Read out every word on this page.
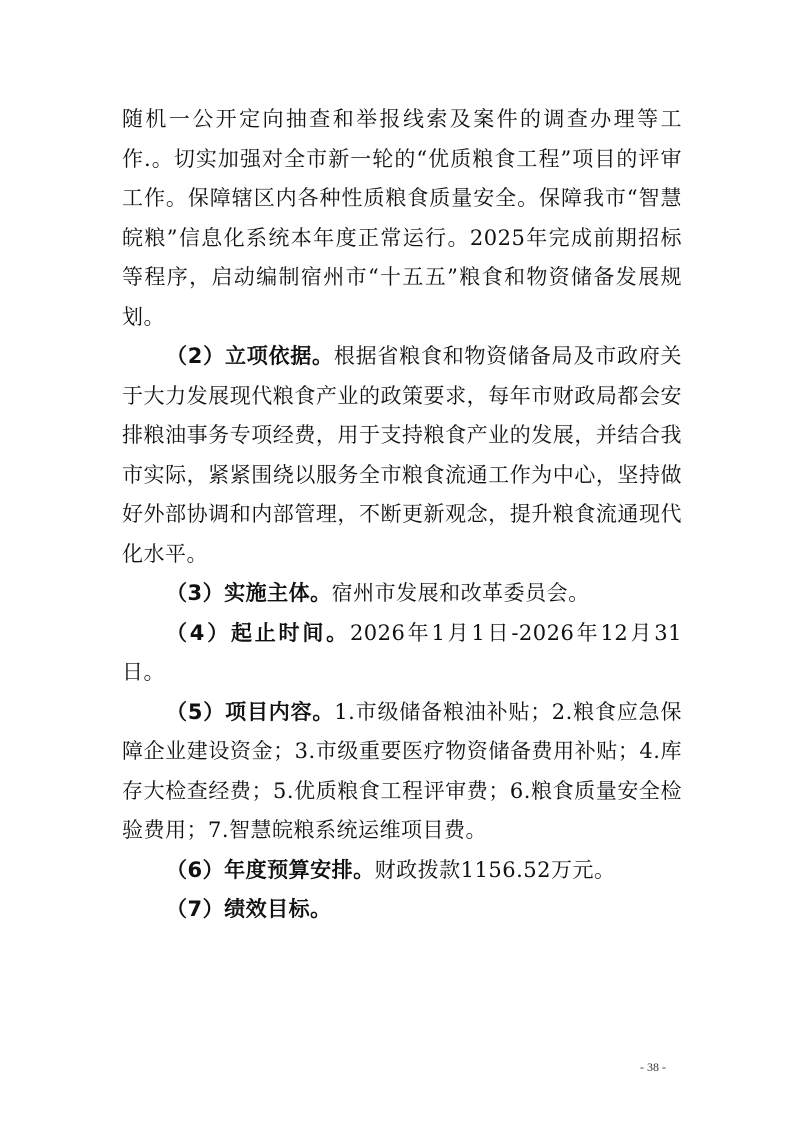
随机一公开定向抽查和举报线索及案件的调查办理等工作.。切实加强对全市新一轮的“优质粮食工程”项目的评审工作。保障辖区内各种性质粮食质量安全。保障我市“智慧皖粮”信息化系统本年度正常运行。2025年完成前期招标等程序，启动编制宿州市“十五五”粮食和物资储备发展规划。

（2）立项依据。根据省粮食和物资储备局及市政府关于大力发展现代粮食产业的政策要求，每年市财政局都会安排粮油事务专项经费，用于支持粮食产业的发展，并结合我市实际，紧紧围绕以服务全市粮食流通工作为中心，坚持做好外部协调和内部管理，不断更新观念，提升粮食流通现代化水平。

（3）实施主体。宿州市发展和改革委员会。

（4）起止时间。2026年1月1日-2026年12月31日。

（5）项目内容。1.市级储备粮油补贴；2.粮食应急保障企业建设资金；3.市级重要医疗物资储备费用补贴；4.库存大检查经费；5.优质粮食工程评审费；6.粮食质量安全检验费用；7.智慧皖粮系统运维项目费。

（6）年度预算安排。财政拨款1156.52万元。

（7）绩效目标。

- 38 -
